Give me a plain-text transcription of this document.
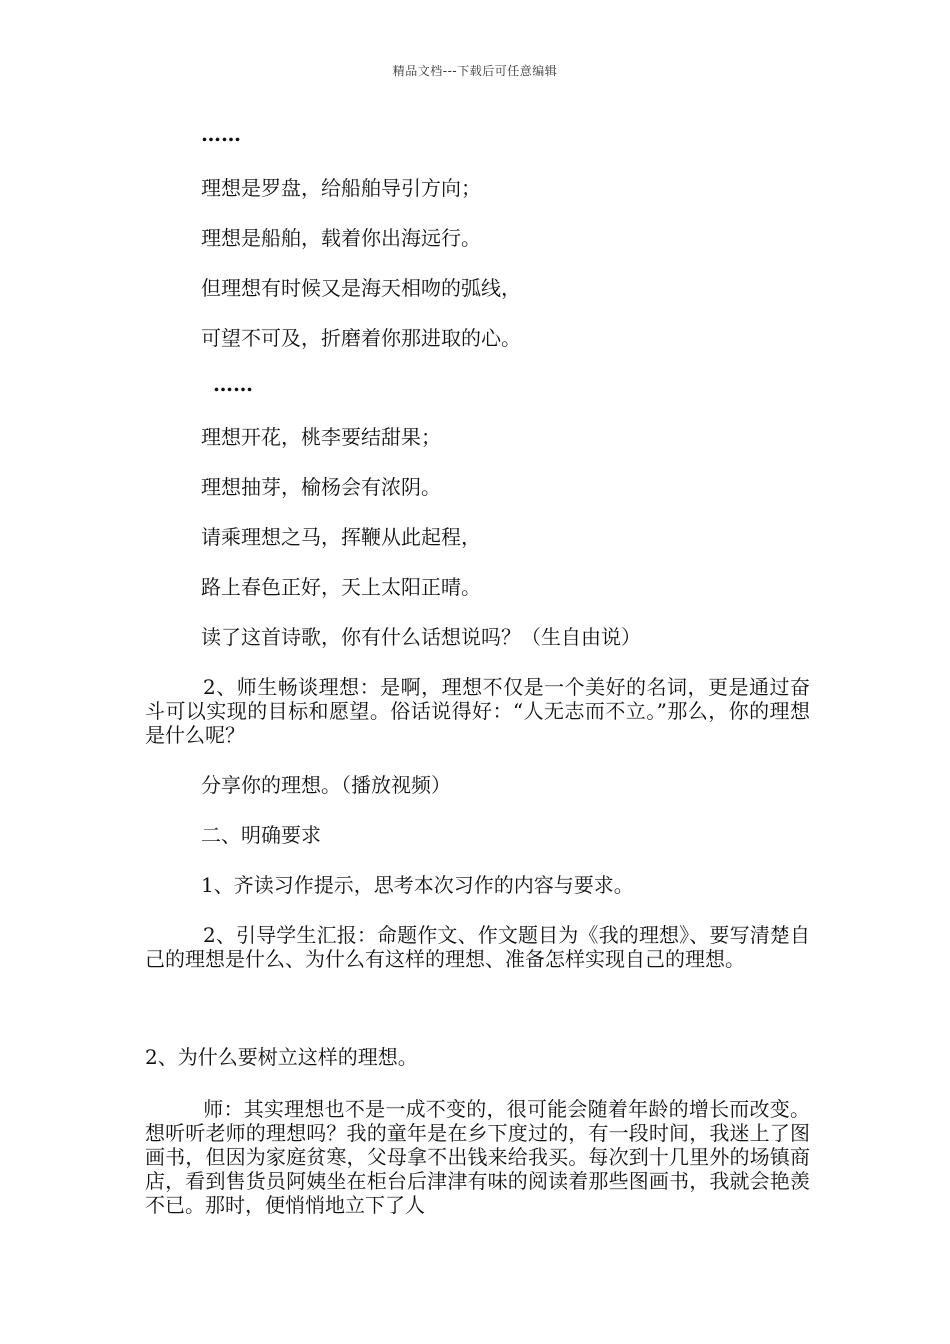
精品文档---下载后可任意编辑
……
理想是罗盘，给船舶导引方向；
理想是船舶，载着你出海远行。
但理想有时候又是海天相吻的弧线，
可望不可及，折磨着你那进取的心。
……
理想开花，桃李要结甜果；
理想抽芽，榆杨会有浓阴。
请乘理想之马，挥鞭从此起程，
路上春色正好，天上太阳正晴。
读了这首诗歌，你有什么话想说吗？（生自由说）
2、师生畅谈理想：是啊，理想不仅是一个美好的名词，更是通过奋斗可以实现的目标和愿望。俗话说得好：“人无志而不立。”那么，你的理想是什么呢？
分享你的理想。（播放视频）
二、明确要求
1、齐读习作提示，思考本次习作的内容与要求。
2、引导学生汇报：命题作文、作文题目为《我的理想》、要写清楚自己的理想是什么、为什么有这样的理想、准备怎样实现自己的理想。
2、为什么要树立这样的理想。
师：其实理想也不是一成不变的，很可能会随着年龄的增长而改变。想听听老师的理想吗？我的童年是在乡下度过的，有一段时间，我迷上了图画书，但因为家庭贫寒，父母拿不出钱来给我买。每次到十几里外的场镇商店，看到售货员阿姨坐在柜台后津津有味的阅读着那些图画书，我就会艳羡不已。那时，便悄悄地立下了人
